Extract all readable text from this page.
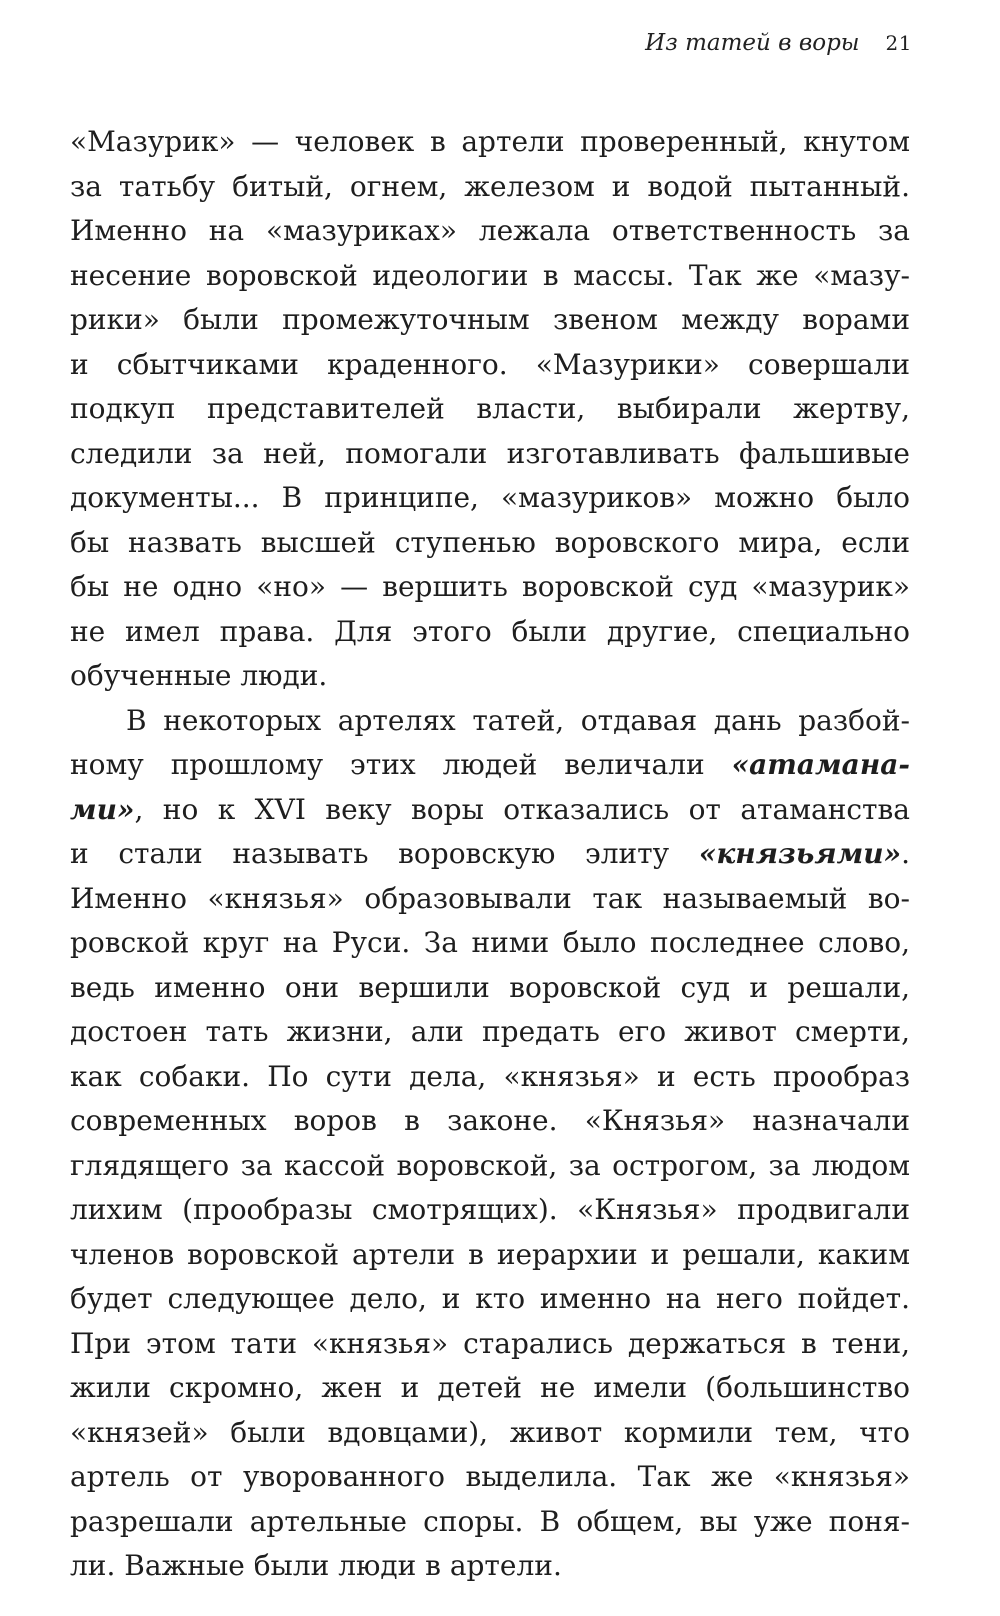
Из татей в воры 21
«Мазурик» — человек в артели проверенный, кнутом
за татьбу битый, огнем, железом и водой пытанный.
Именно на «мазуриках» лежала ответственность за
несение воровской идеологии в массы. Так же «мазу-
рики» были промежуточным звеном между ворами
и сбытчиками краденного. «Мазурики» совершали
подкуп представителей власти, выбирали жертву,
следили за ней, помогали изготавливать фальшивые
документы... В принципе, «мазуриков» можно было
бы назвать высшей ступенью воровского мира, если
бы не одно «но» — вершить воровской суд «мазурик»
не имел права. Для этого были другие, специально
обученные люди.
В некоторых артелях татей, отдавая дань разбой-
ному прошлому этих людей величали «атамана-
ми», но к XVI веку воры отказались от атаманства
и стали называть воровскую элиту «князьями».
Именно «князья» образовывали так называемый во-
ровской круг на Руси. За ними было последнее слово,
ведь именно они вершили воровской суд и решали,
достоен тать жизни, али предать его живот смерти,
как собаки. По сути дела, «князья» и есть прообраз
современных воров в законе. «Князья» назначали
глядящего за кассой воровской, за острогом, за людом
лихим (прообразы смотрящих). «Князья» продвигали
членов воровской артели в иерархии и решали, каким
будет следующее дело, и кто именно на него пойдет.
При этом тати «князья» старались держаться в тени,
жили скромно, жен и детей не имели (большинство
«князей» были вдовцами), живот кормили тем, что
артель от уворованного выделила. Так же «князья»
разрешали артельные споры. В общем, вы уже поня-
ли. Важные были люди в артели.
